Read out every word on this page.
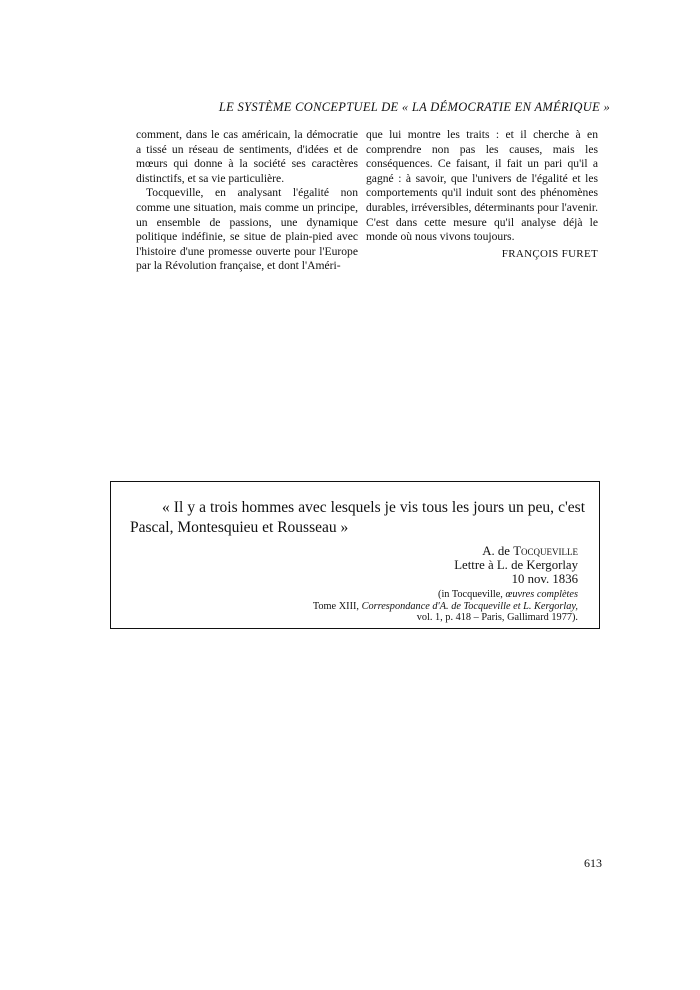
LE SYSTÈME CONCEPTUEL DE « LA DÉMOCRATIE EN AMÉRIQUE »

comment, dans le cas américain, la démocratie a tissé un réseau de sentiments, d'idées et de mœurs qui donne à la société ses caractères distinctifs, et sa vie particulière.

Tocqueville, en analysant l'égalité non comme une situation, mais comme un principe, un ensemble de passions, une dynamique politique indéfinie, se situe de plain-pied avec l'histoire d'une promesse ouverte pour l'Europe par la Révolution française, et dont l'Améri-

que lui montre les traits : et il cherche à en comprendre non pas les causes, mais les conséquences. Ce faisant, il fait un pari qu'il a gagné : à savoir, que l'univers de l'égalité et les comportements qu'il induit sont des phénomènes durables, irréversibles, déterminants pour l'avenir. C'est dans cette mesure qu'il analyse déjà le monde où nous vivons toujours.

FRANÇOIS FURET
« Il y a trois hommes avec lesquels je vis tous les jours un peu, c'est Pascal, Montesquieu et Rousseau »
A. de Tocqueville
Lettre à L. de Kergorlay
10 nov. 1836
(in Tocqueville, œuvres complètes
Tome XIII, Correspondance d'A. de Tocqueville et L. Kergorlay,
vol. 1, p. 418 – Paris, Gallimard 1977).
613
